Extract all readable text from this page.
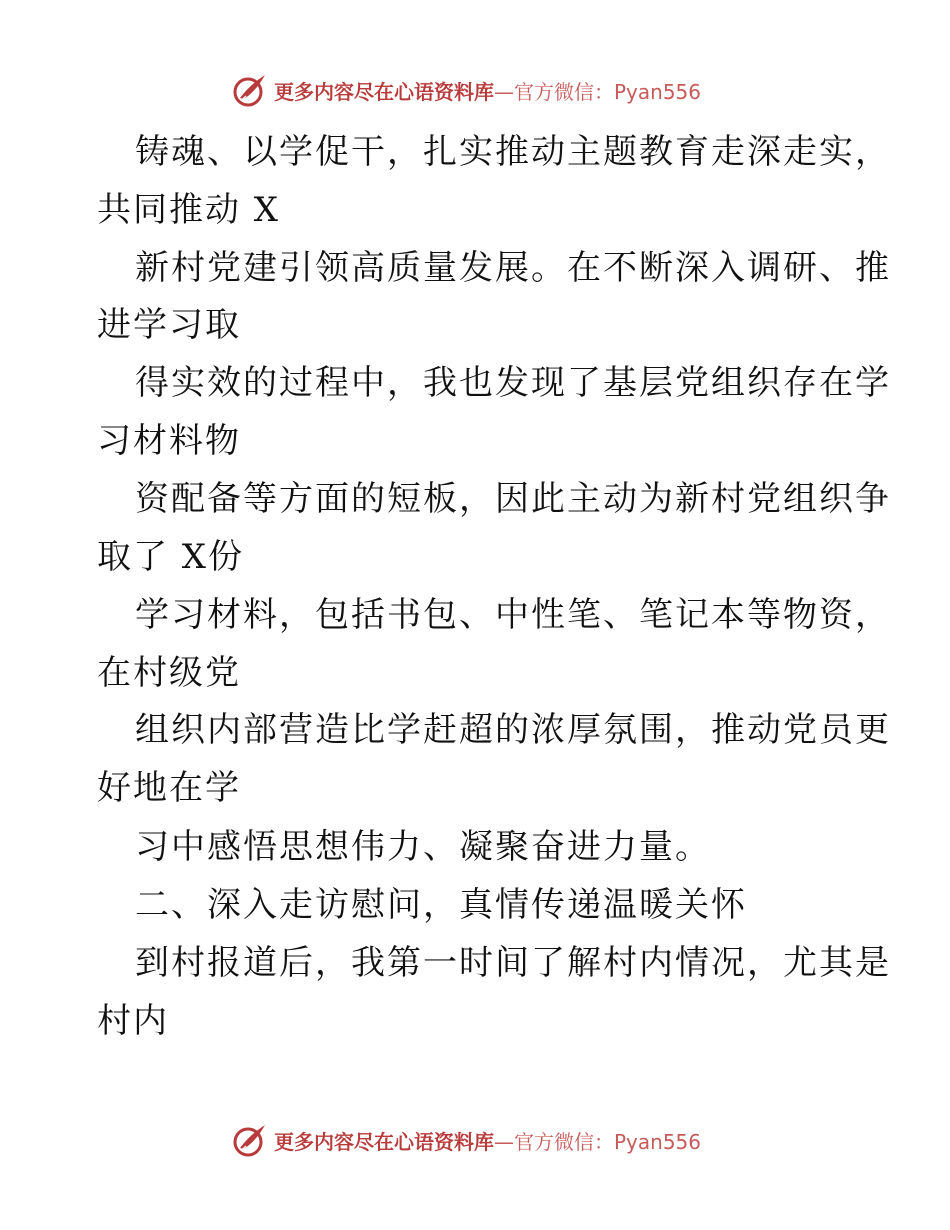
更多内容尽在心语资料库 —官方微信：Pyan556
铸魂、以学促干，扎实推动主题教育走深走实，
共同推动 X
新村党建引领高质量发展。在不断深入调研、推
进学习取
得实效的过程中，我也发现了基层党组织存在学
习材料物
资配备等方面的短板，因此主动为新村党组织争
取了 X份
学习材料，包括书包、中性笔、笔记本等物资，
在村级党
组织内部营造比学赶超的浓厚氛围，推动党员更
好地在学
习中感悟思想伟力、凝聚奋进力量。
二、深入走访慰问，真情传递温暖关怀
到村报道后，我第一时间了解村内情况，尤其是
村内
更多内容尽在心语资料库 —官方微信：Pyan556
